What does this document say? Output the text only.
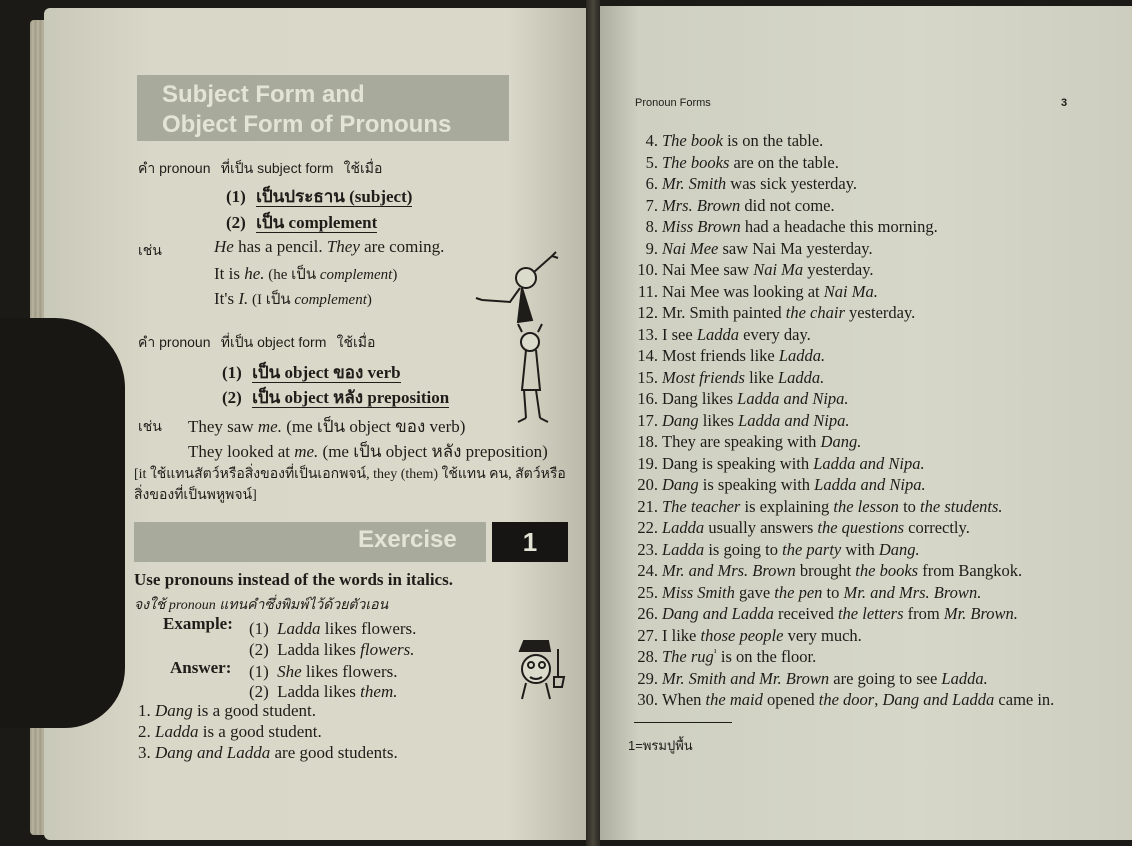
Subject Form and
Object Form of Pronouns
คำ pronoun ที่เป็น subject form ใช้เมื่อ
(1) เป็นประธาน (subject)
(2) เป็น complement
เช่น	He has a pencil. They are coming.
It is he. (he เป็น complement)
It's I. (I เป็น complement)
คำ pronoun ที่เป็น object form ใช้เมื่อ
(1) เป็น object ของ verb
(2) เป็น object หลัง preposition
เช่น They saw me. (me เป็น object ของ verb)
They looked at me. (me เป็น object หลัง preposition)
[it ใช้แทนสัตว์หรือสิ่งของที่เป็นเอกพจน์, they (them) ใช้แทน คน, สัตว์หรือ
สิ่งของที่เป็นพหูพจน์]
Exercise	1
Use pronouns instead of the words in italics.
จงใช้ pronoun แทนคำซึ่งพิมพ์ไว้ด้วยตัวเอน
Example: (1) Ladda likes flowers.
(2) Ladda likes flowers.
Answer: (1) She likes flowers.
(2) Ladda likes them.
1. Dang is a good student.
2. Ladda is a good student.
3. Dang and Ladda are good students.
Pronoun Forms	3
4. The book is on the table.
5. The books are on the table.
6. Mr. Smith was sick yesterday.
7. Mrs. Brown did not come.
8. Miss Brown had a headache this morning.
9. Nai Mee saw Nai Ma yesterday.
10. Nai Mee saw Nai Ma yesterday.
11. Nai Mee was looking at Nai Ma.
12. Mr. Smith painted the chair yesterday.
13. I see Ladda every day.
14. Most friends like Ladda.
15. Most friends like Ladda.
16. Dang likes Ladda and Nipa.
17. Dang likes Ladda and Nipa.
18. They are speaking with Dang.
19. Dang is speaking with Ladda and Nipa.
20. Dang is speaking with Ladda and Nipa.
21. The teacher is explaining the lesson to the students.
22. Ladda usually answers the questions correctly.
23. Ladda is going to the party with Dang.
24. Mr. and Mrs. Brown brought the books from Bangkok.
25. Miss Smith gave the pen to Mr. and Mrs. Brown.
26. Dang and Ladda received the letters from Mr. Brown.
27. I like those people very much.
28. The rug$^{^1}$ is on the floor.
29. Mr. Smith and Mr. Brown are going to see Ladda.
30. When the maid opened the door, Dang and Ladda came in.
1=พรมปูพื้น
